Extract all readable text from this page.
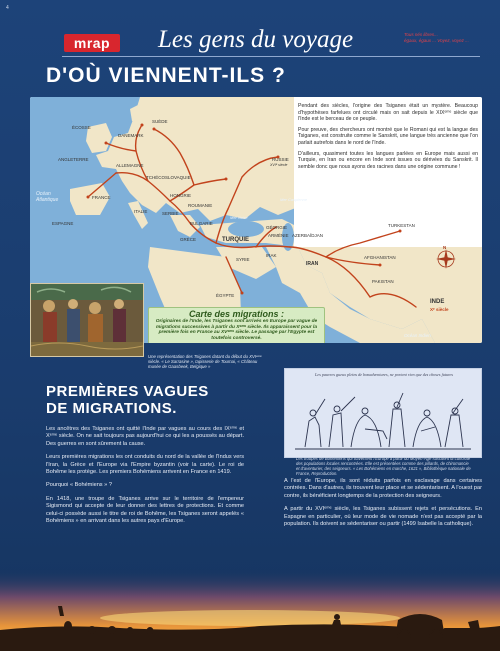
4
mrap	Les gens du voyage	Tous nés libres...
égaux, égaux ... Voyez, voyez ...
D'OÙ VIENNENT-ILS ?
SUÈDE
ÉCOSSE
DANEMARK
ANGLETERRE
ALLEMAGNE
TCHÉCOSLOVAQUIE
RUSSIE
XVIᵉ siècle
FRANCE	HONGRIE
ROUMANIE
ITALIE	SERBIE
BULGARIE
ESPAGNE
GRÈCE	TURQUIE
GÉORGIE
ARMÉNIE AZERBAÏDJAN
SYRIE
IRAK
IRAN
TURKESTAN
AFGHANISTAN
PAKISTAN
INDE
Xᵉ siècle
ÉGYPTE
Océan Atlantique
Mer Noire
Mer Caspienne
Océan Indien
N

Pendant des siècles, l'origine des Tsiganes était un mystère. Beaucoup d'hypothèses farfelues ont circulé mais on sait depuis le XIXᵉᵐᵉ siècle que l'Inde est le berceau de ce peuple.

Pour preuve, des chercheurs ont montré que le Romani qui est la langue des Tsiganes, est construite comme le Sanskrit, une langue très ancienne que l'on parlait autrefois dans le nord de l'Inde.

D'ailleurs, quasiment toutes les langues parlées en Europe mais aussi en Turquie, en Iran ou encore en Inde sont issues ou dérivées du Sanskrit. Il semble donc que nous ayons des racines dans une origine commune !

Carte des migrations :
Originaires de l'Inde, les Tsiganes sont arrivés en Europe par vague de migrations successives à partir du Xᵉᵐᵉ siècle. Ils apparaissent pour la première fois en France au XVᵉᵐᵉ siècle. Le passage par l'Egypte est toutefois controversé.
Une représentation des Tsiganes datant du début du XVIᵉᵐᵉ siècle. « Le Sarrasine », tapisserie de Tournai, « Château musée de Gaasbeek, Belgique »
PREMIÈRES VAGUES
DE MIGRATIONS.

Les ancêtres des Tsiganes ont quitté l'Inde par vagues au cours des IXᵉᵐᵉ et Xᵉᵐᵉ siècle. On ne sait toujours pas aujourd'hui ce qui les a poussés au départ. Des guerres en sont sûrement la cause.

Leurs premières migrations les ont conduits du nord de la vallée de l'Indus vers l'Iran, la Grèce et l'Europe via l'Empire byzantin (voir la carte). Le roi de Bohême les protège. Les premiers Bohémiens arrivent en France en 1419.

Pourquoi « Bohémiens » ?

En 1418, une troupe de Tsiganes arrive sur le territoire de l'empereur Sigismond qui accepte de leur donner des lettres de protections. Et comme celui-ci possède aussi le titre de roi de Bohême, les Tsiganes seront appelés « Bohémiens » en arrivant dans les autres pays d'Europe.

Les pauvres gueux pleins de bonadventures, ne portent rien que des choses futures
Les troupes de Bohémiens qui traversent l'Europe à partir du Moyen-Âge suscitent la curiosité des populations locales rencontrées. Elle est présentées comme des pillards, de chiromancie et d'aventurier, des seigneurs. « Les Bohémiens en marche, 1621 », Bibliothèque nationale de France, Reproduction.

A l'est de l'Europe, ils sont réduits parfois en esclavage dans certaines contrées. Dans d'autres, ils trouvent leur place et se sédentarisent. A l'ouest par contre, ils bénéficient longtemps de la protection des seigneurs.

A partir du XVIᵉᵐᵉ siècle, les Tsiganes subissent rejets et persécutions. En Espagne en particulier, où leur mode de vie nomade n'est pas accepté par la population. Ils doivent se sédentariser ou partir (1499 Isabelle la catholique).
